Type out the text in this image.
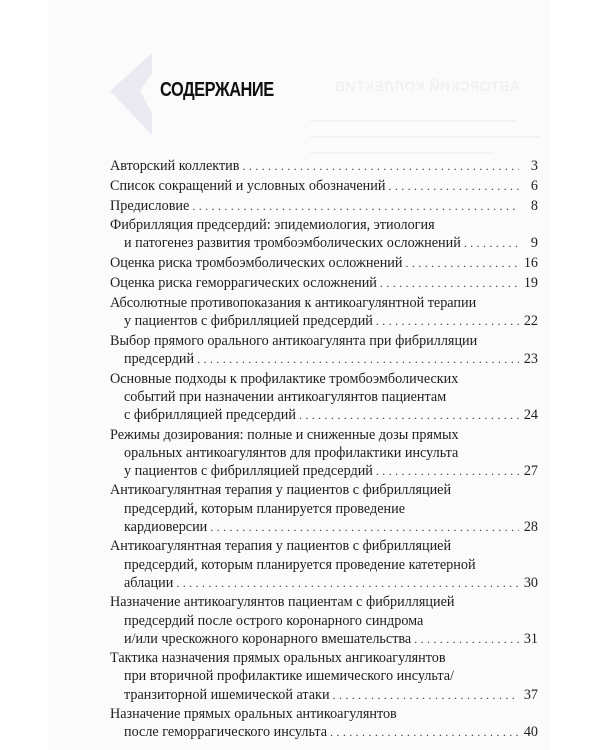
АВТОРСКИЙ КОЛЛЕКТИВ
СОДЕРЖАНИЕ
Авторский коллектив . . .	3
Список сокращений и условных обозначений . . .	6
Предисловие . . .	8
Фибрилляция предсердий: эпидемиология, этиология
и патогенез развития тромбоэмболических осложнений . . .	9
Оценка риска тромбоэмболических осложнений . . .	16
Оценка риска геморрагических осложнений . . .	19
Абсолютные противопоказания к антикоагулянтной терапии
у пациентов с фибрилляцией предсердий . . .	22
Выбор прямого орального антикоагулянта при фибрилляции
предсердий . . .	23
Основные подходы к профилактике тромбоэмболических
событий при назначении антикоагулянтов пациентам
с фибрилляцией предсердий . . .	24
Режимы дозирования: полные и сниженные дозы прямых
оральных антикоагулянтов для профилактики инсульта
у пациентов с фибрилляцией предсердий . . .	27
Антикоагулянтная терапия у пациентов с фибрилляцией
предсердий, которым планируется проведение
кардиоверсии . . .	28
Антикоагулянтная терапия у пациентов с фибрилляцией
предсердий, которым планируется проведение катетерной
аблации . . .	30
Назначение антикоагулянтов пациентам с фибрилляцией
предсердий после острого коронарного синдрома
и/или чрескожного коронарного вмешательства . . .	31
Тактика назначения прямых оральных ангикоагулянтов
при вторичной профилактике ишемического инсульта/
транзиторной ишемической атаки . . .	37
Назначение прямых оральных антикоагулянтов
после геморрагического инсульта . . .	40
